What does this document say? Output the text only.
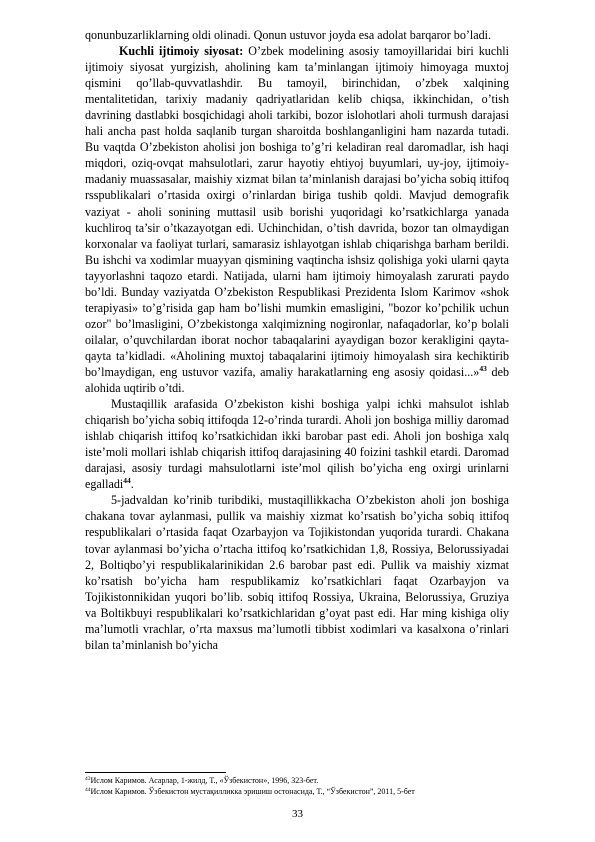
qonunbuzarliklarning oldi olinadi. Qonun ustuvor joyda esa adolat barqaror bo’ladi.

Kuchli ijtimoiy siyosat: O’zbek modelining asosiy tamoyillaridai biri kuchli ijtimoiy siyosat yurgizish, aholining kam ta’minlangan ijtimoiy himoyaga muxtoj qismini qo’llab-quvvatlashdir. Bu tamoyil, birinchidan, o’zbek xalqining mentalitetidan, tarixiy madaniy qadriyatlaridan kelib chiqsa, ikkinchidan, o’tish davrining dastlabki bosqichidagi aholi tarkibi, bozor islohotlari aholi turmush darajasi hali ancha past holda saqlanib turgan sharoitda boshlanganligini ham nazarda tutadi. Bu vaqtda O’zbekiston aholisi jon boshiga to’g’ri keladiran real daromadlar, ish haqi miqdori, oziq-ovqat mahsulotlari, zarur hayotiy ehtiyoj buyumlari, uy-joy, ijtimoiy-madaniy muassasalar, maishiy xizmat bilan ta’minlanish darajasi bo’yicha sobiq ittifoq rsspublikalari o’rtasida oxirgi o’rinlardan biriga tushib qoldi. Mavjud demografik vaziyat - aholi sonining muttasil usib borishi yuqoridagi ko’rsatkichlarga yanada kuchliroq ta’sir o’tkazayotgan edi. Uchinchidan, o’tish davrida, bozor tan olmaydigan korxonalar va faoliyat turlari, samarasiz ishlayotgan ishlab chiqarishga barham berildi. Bu ishchi va xodimlar muayyan qismining vaqtincha ishsiz qolishiga yoki ularni qayta tayyorlashni taqozo etardi. Natijada, ularni ham ijtimoiy himoyalash zarurati paydo bo’ldi. Bunday vaziyatda O’zbekiston Respublikasi Prezidenta Islom Karimov «shok terapiyasi» to’g’risida gap ham bo’lishi mumkin emasligini, "bozor ko’pchilik uchun ozor" bo’lmasligini, O’zbekistonga xalqimizning nogironlar, nafaqadorlar, ko’p bolali oilalar, o’quvchilardan iborat nochor tabaqalarini ayaydigan bozor kerakligini qayta-qayta ta’kidladi. «Aholining muxtoj tabaqalarini ijtimoiy himoyalash sira kechiktirib bo’lmaydigan, eng ustuvor vazifa, amaliy harakatlarning eng asosiy qoidasi...»$^{43}$ deb alohida uqtirib o’tdi.

Mustaqillik arafasida O’zbekiston kishi boshiga yalpi ichki mahsulot ishlab chiqarish bo’yicha sobiq ittifoqda 12-o’rinda turardi. Aholi jon boshiga milliy daromad ishlab chiqarish ittifoq ko’rsatkichidan ikki barobar past edi. Aholi jon boshiga xalq iste’moli mollari ishlab chiqarish ittifoq darajasining 40 foizini tashkil etardi. Daromad darajasi, asosiy turdagi mahsulotlarni iste’mol qilish bo’yicha eng oxirgi urinlarni egalladi$^{44}$.

5-jadvaldan ko’rinib turibdiki, mustaqillikkacha O’zbekiston aholi jon boshiga chakana tovar aylanmasi, pullik va maishiy xizmat ko’rsatish bo’yicha sobiq ittifoq respublikalari o’rtasida faqat Ozarbayjon va Tojikistondan yuqorida turardi. Chakana tovar aylanmasi bo’yicha o’rtacha ittifoq ko’rsatkichidan 1,8, Rossiya, Belorussiyadai 2, Boltiqbo’yi respublikalarinikidan 2.6 barobar past edi. Pullik va maishiy xizmat ko’rsatish bo’yicha ham respublikamiz ko’rsatkichlari faqat Ozarbayjon va Tojikistonnikidan yuqori bo’lib. sobiq ittifoq Rossiya, Ukraina, Belorussiya, Gruziya va Boltikbuyi respublikalari ko’rsatkichlaridan g’oyat past edi. Har ming kishiga oliy ma’lumotli vrachlar, o’rta maxsus ma’lumotli tibbist xodimlari va kasalxona o’rinlari bilan ta’minlanish bo’yicha

$^{43}$Ислом Каримов. Асарлар, 1-жилд, Т., «Ўзбекистон», 1996, 323-бет.
$^{44}$Ислом Каримов. Ўзбекистон мустақилликка эришиш остонасида, Т., “Ўзбекистон”, 2011, 5-бет
33
